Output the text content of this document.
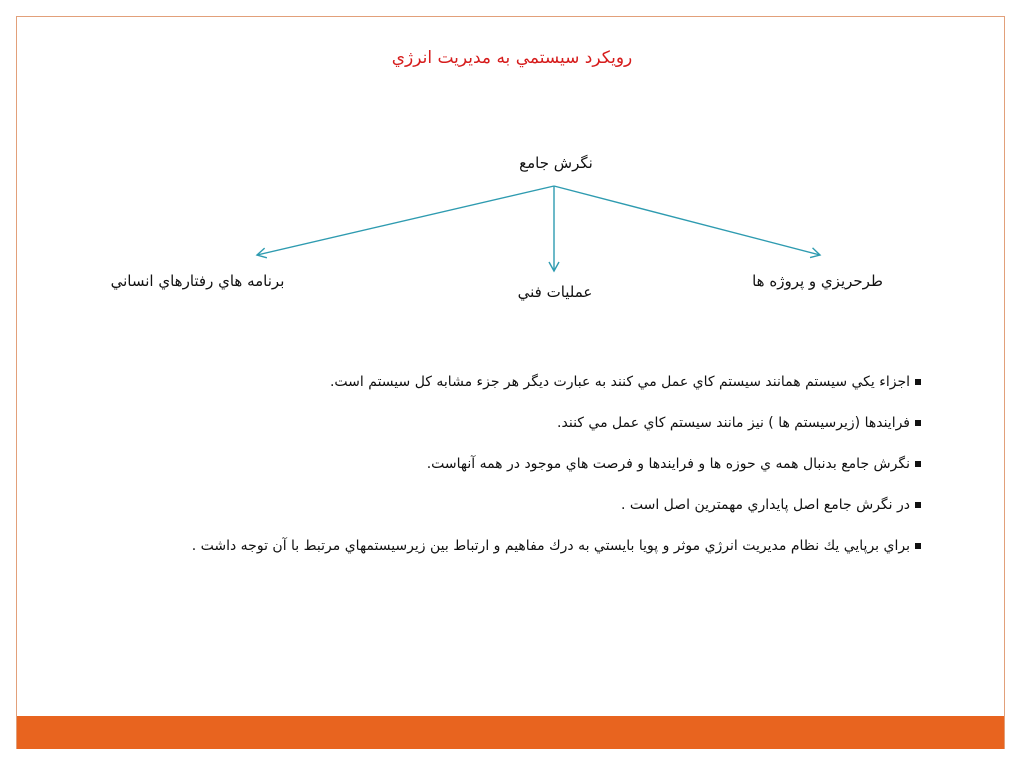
رويكرد سيستمي به مديريت انرژي
نگرش جامع
برنامه هاي رفتارهاي انساني
عمليات فني
طرحريزي و پروژه ها
اجزاء يكي سيستم همانند سيستم كاي عمل مي كنند به عبارت ديگر هر جزء مشابه كل سيستم است.
فرايندها (زيرسيستم ها ) نيز مانند سيستم كاي عمل مي كنند.
نگرش جامع بدنبال همه ي حوزه ها و فرايندها و فرصت هاي موجود در همه آنهاست.
در نگرش جامع اصل پايداري مهمترين اصل است .
براي برپايي يك نظام مديريت انرژي موثر و پويا بايستي به درك مفاهيم و ارتباط بين زيرسيستمهاي مرتبط با آن توجه داشت .
